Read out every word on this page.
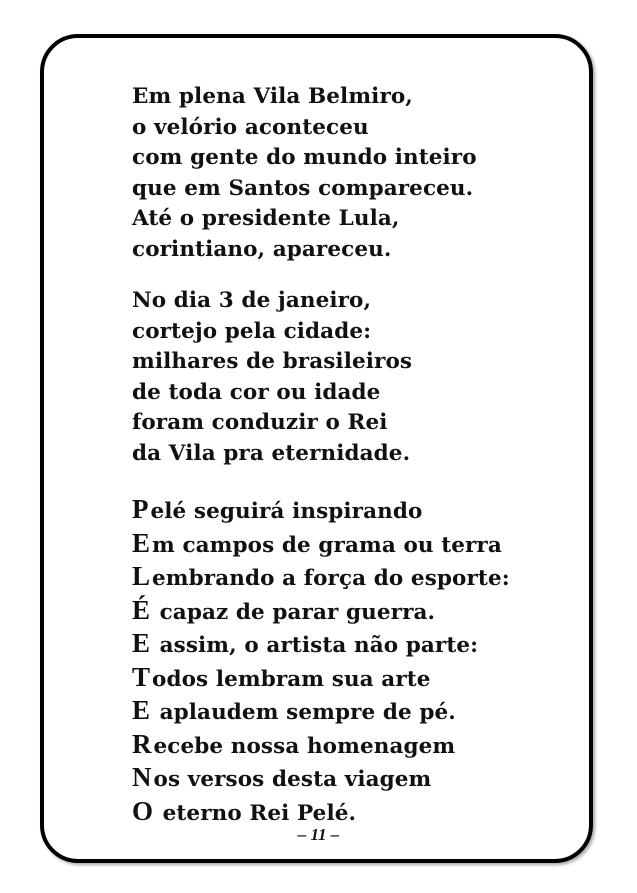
Em plena Vila Belmiro,
o velório aconteceu
com gente do mundo inteiro
que em Santos compareceu.
Até o presidente Lula,
corintiano, apareceu.
No dia 3 de janeiro,
cortejo pela cidade:
milhares de brasileiros
de toda cor ou idade
foram conduzir o Rei
da Vila pra eternidade.
Pelé seguirá inspirando
Em campos de grama ou terra
Lembrando a força do esporte:
É capaz de parar guerra.
E assim, o artista não parte:
Todos lembram sua arte
E aplaudem sempre de pé.
Recebe nossa homenagem
Nos versos desta viagem
O eterno Rei Pelé.
– 11 –
